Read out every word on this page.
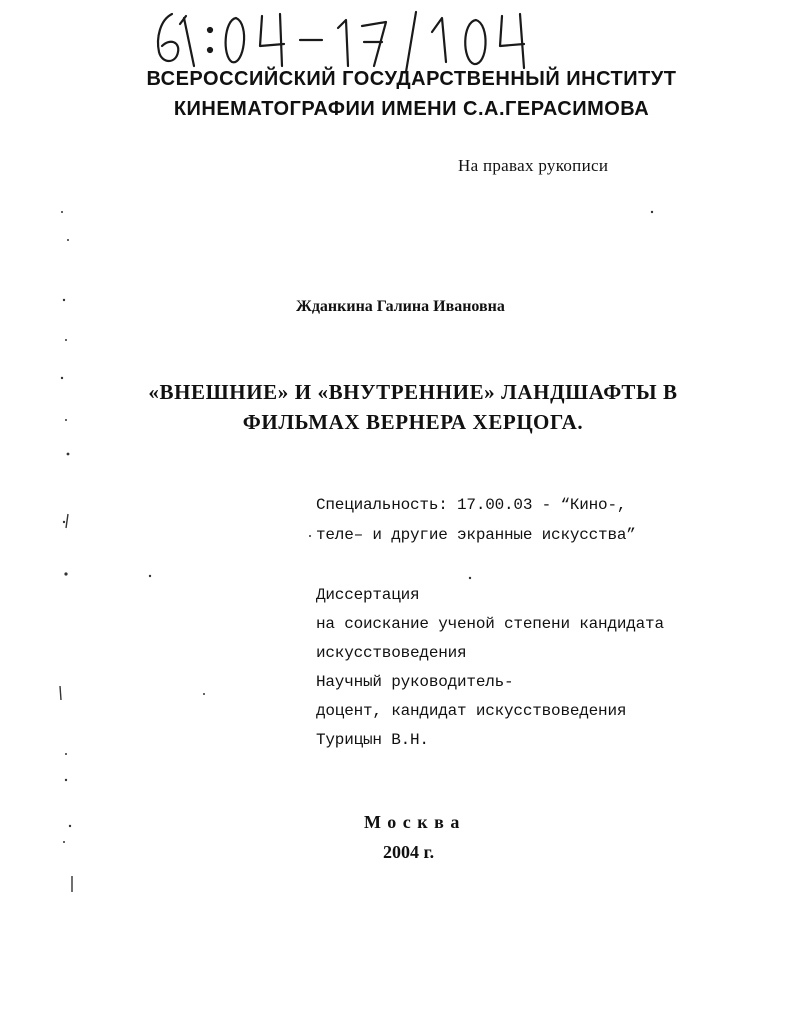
ВСЕРОССИЙСКИЙ ГОСУДАРСТВЕННЫЙ ИНСТИТУТ
КИНЕМАТОГРАФИИ ИМЕНИ С.А.ГЕРАСИМОВА
На правах рукописи
Жданкина Галина Ивановна
«ВНЕШНИЕ» И «ВНУТРЕННИЕ» ЛАНДШАФТЫ В
ФИЛЬМАХ ВЕРНЕРА ХЕРЦОГА.
Специальность: 17.00.03 - “Кино-,
теле– и другие экранные искусства”
Диссертация
на соискание ученой степени кандидата
искусствоведения
Научный руководитель-
доцент, кандидат искусствоведения
Турицын В.Н.
Москва
2004 г.
